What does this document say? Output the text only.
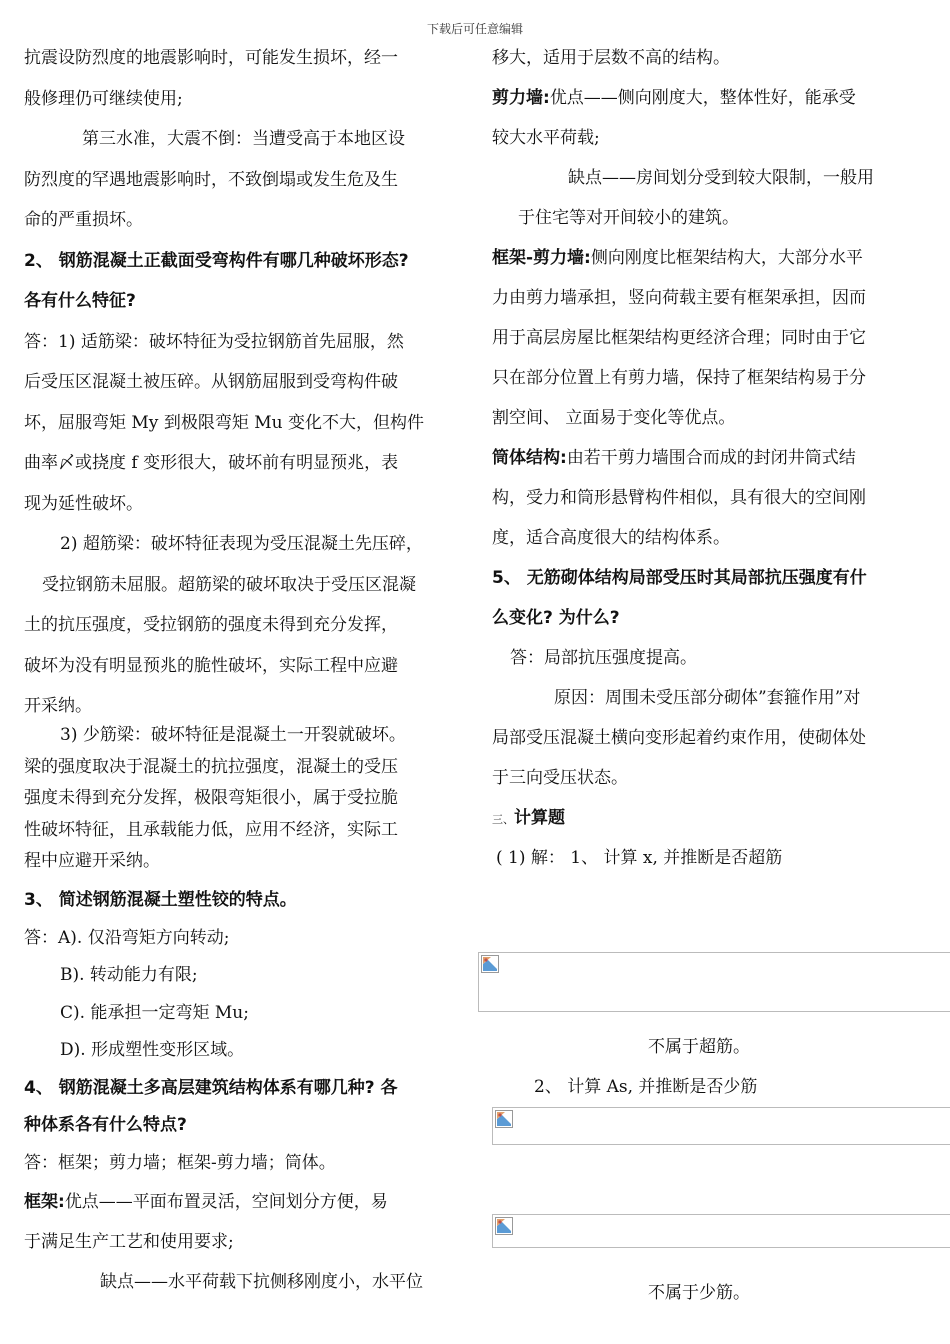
下载后可任意编辑
抗震设防烈度的地震影响时，可能发生损坏，经一
般修理仍可继续使用;
第三水准，大震不倒：当遭受高于本地区设
防烈度的罕遇地震影响时，不致倒塌或发生危及生
命的严重损坏。
2、 钢筋混凝土正截面受弯构件有哪几种破坏形态?
各有什么特征?
答：1) 适筋梁：破坏特征为受拉钢筋首先屈服，然
后受压区混凝土被压碎。从钢筋屈服到受弯构件破
坏，屈服弯矩 My 到极限弯矩 Mu 变化不大，但构件
曲率〆或挠度 f 变形很大，破坏前有明显预兆，表
现为延性破坏。
2) 超筋梁：破坏特征表现为受压混凝土先压碎，
受拉钢筋未屈服。超筋梁的破坏取决于受压区混凝
土的抗压强度，受拉钢筋的强度未得到充分发挥，
破坏为没有明显预兆的脆性破坏，实际工程中应避
开采纳。
3) 少筋梁：破坏特征是混凝土一开裂就破坏。
梁的强度取决于混凝土的抗拉强度，混凝土的受压
强度未得到充分发挥，极限弯矩很小，属于受拉脆
性破坏特征，且承载能力低，应用不经济，实际工
程中应避开采纳。
3、 简述钢筋混凝土塑性铰的特点。
答：A). 仅沿弯矩方向转动;
B). 转动能力有限;
C). 能承担一定弯矩 Mu;
D). 形成塑性变形区域。
4、 钢筋混凝土多高层建筑结构体系有哪几种? 各
种体系各有什么特点?
答：框架；剪力墙；框架-剪力墙；筒体。
框架:优点——平面布置灵活，空间划分方便，易
于满足生产工艺和使用要求;
缺点——水平荷载下抗侧移刚度小，水平位
移大，适用于层数不高的结构。
剪力墙:优点——侧向刚度大，整体性好，能承受
较大水平荷载;
缺点——房间划分受到较大限制，一般用
于住宅等对开间较小的建筑。
框架-剪力墙:侧向刚度比框架结构大，大部分水平
力由剪力墙承担，竖向荷载主要有框架承担，因而
用于高层房屋比框架结构更经济合理；同时由于它
只在部分位置上有剪力墙，保持了框架结构易于分
割空间、 立面易于变化等优点。
筒体结构:由若干剪力墙围合而成的封闭井筒式结
构，受力和筒形悬臂构件相似，具有很大的空间刚
度，适合高度很大的结构体系。
5、 无筋砌体结构局部受压时其局部抗压强度有什
么变化? 为什么?
答：局部抗压强度提高。
原因：周围未受压部分砌体”套箍作用”对
局部受压混凝土横向变形起着约束作用，使砌体处
于三向受压状态。
三、计算题
( 1) 解： 1、 计算 x, 并推断是否超筋
不属于超筋。
2、 计算 As, 并推断是否少筋
不属于少筋。
